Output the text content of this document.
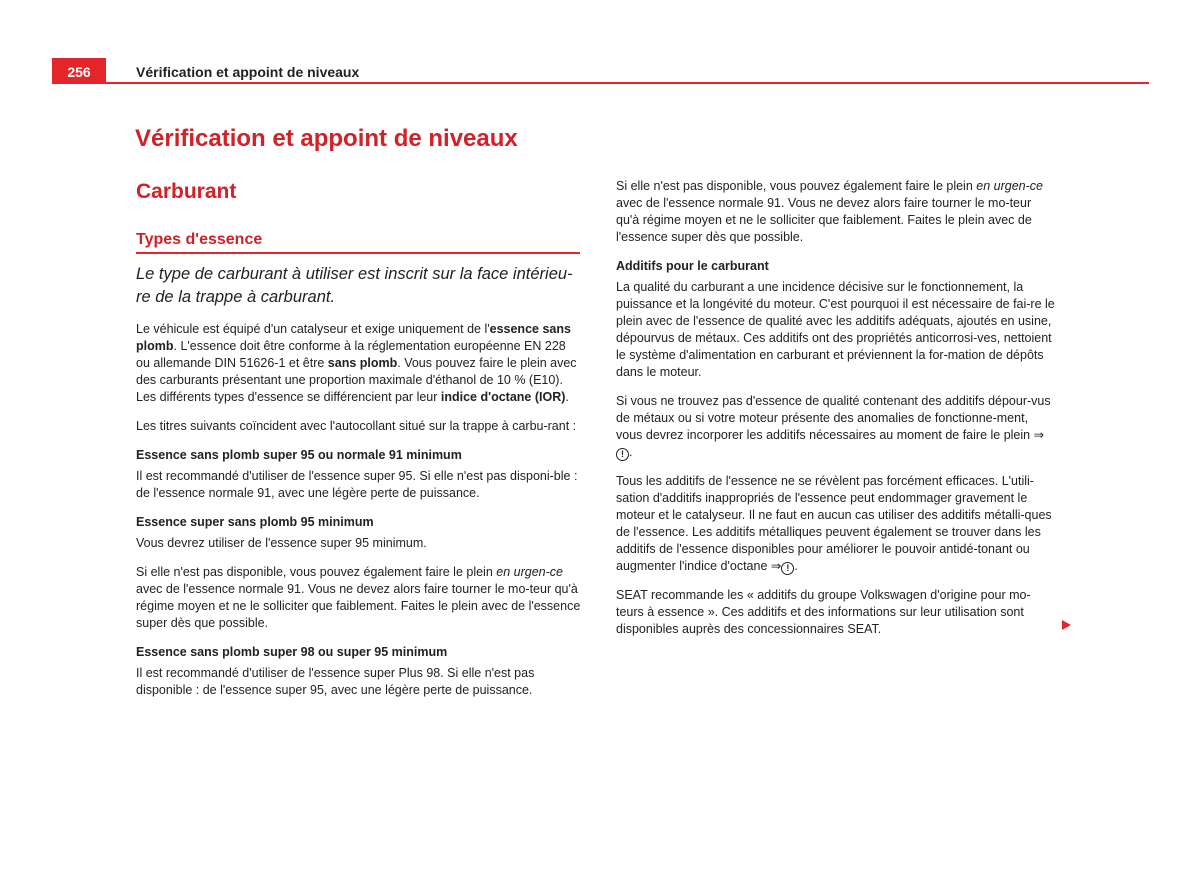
256	Vérification et appoint de niveaux
Vérification et appoint de niveaux
Carburant
Types d'essence
Le type de carburant à utiliser est inscrit sur la face intérieu-re de la trappe à carburant.

Le véhicule est équipé d'un catalyseur et exige uniquement de l'essence sans plomb. L'essence doit être conforme à la réglementation européenne EN 228 ou allemande DIN 51626-1 et être sans plomb. Vous pouvez faire le plein avec des carburants présentant une proportion maximale d'éthanol de 10 % (E10). Les différents types d'essence se différencient par leur indice d'octane (IOR).

Les titres suivants coïncident avec l'autocollant situé sur la trappe à carbu-rant :

Essence sans plomb super 95 ou normale 91 minimum

Il est recommandé d'utiliser de l'essence super 95. Si elle n'est pas disponi-ble : de l'essence normale 91, avec une légère perte de puissance.

Essence super sans plomb 95 minimum

Vous devrez utiliser de l'essence super 95 minimum.

Si elle n'est pas disponible, vous pouvez également faire le plein en urgen-ce avec de l'essence normale 91. Vous ne devez alors faire tourner le mo-teur qu'à régime moyen et ne le solliciter que faiblement. Faites le plein avec de l'essence super dès que possible.

Essence sans plomb super 98 ou super 95 minimum

Il est recommandé d'utiliser de l'essence super Plus 98. Si elle n'est pas disponible : de l'essence super 95, avec une légère perte de puissance.

Si elle n'est pas disponible, vous pouvez également faire le plein en urgen-ce avec de l'essence normale 91. Vous ne devez alors faire tourner le mo-teur qu'à régime moyen et ne le solliciter que faiblement. Faites le plein avec de l'essence super dès que possible.

Additifs pour le carburant

La qualité du carburant a une incidence décisive sur le fonctionnement, la puissance et la longévité du moteur. C'est pourquoi il est nécessaire de fai-re le plein avec de l'essence de qualité avec les additifs adéquats, ajoutés en usine, dépourvus de métaux. Ces additifs ont des propriétés anticorrosi-ves, nettoient le système d'alimentation en carburant et préviennent la for-mation de dépôts dans le moteur.

Si vous ne trouvez pas d'essence de qualité contenant des additifs dépour-vus de métaux ou si votre moteur présente des anomalies de fonctionne-ment, vous devrez incorporer les additifs nécessaires au moment de faire le plein ⇒! .

Tous les additifs de l'essence ne se révèlent pas forcément efficaces. L'utili-sation d'additifs inappropriés de l'essence peut endommager gravement le moteur et le catalyseur. Il ne faut en aucun cas utiliser des additifs métalli-ques de l'essence. Les additifs métalliques peuvent également se trouver dans les additifs de l'essence disponibles pour améliorer le pouvoir antidé-tonant ou augmenter l'indice d'octane ⇒ ! .

SEAT recommande les « additifs du groupe Volkswagen d'origine pour mo-teurs à essence ». Ces additifs et des informations sur leur utilisation sont disponibles auprès des concessionnaires SEAT.
